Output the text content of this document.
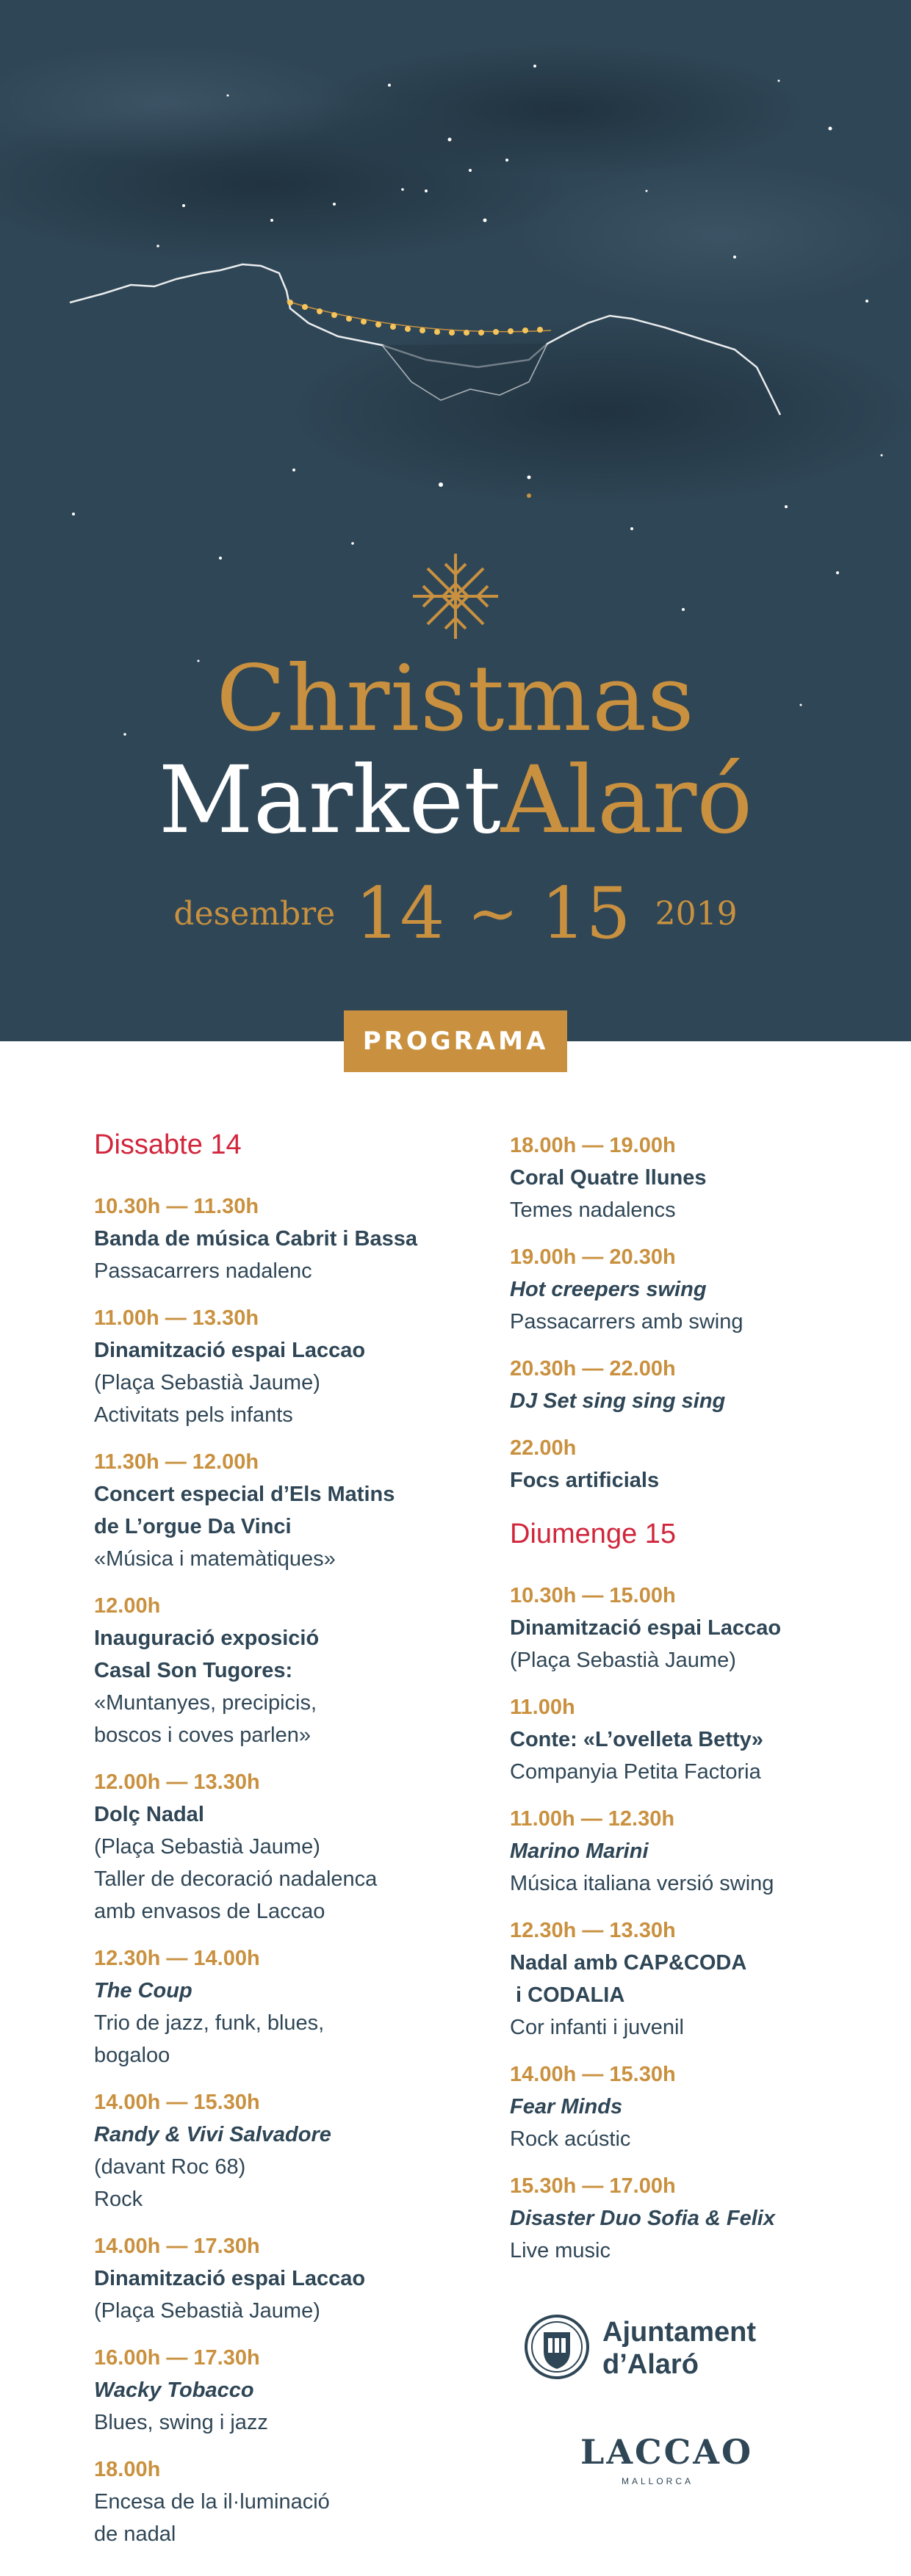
Christmas
MarketAlaró
desembre 14 ~ 15 2019
PROGRAMA
Dissabte 14
10.30h — 11.30h
Banda de música Cabrit i Bassa
Passacarrers nadalenc
11.00h — 13.30h
Dinamització espai Laccao
(Plaça Sebastià Jaume)
Activitats pels infants
11.30h — 12.00h
Concert especial d’Els Matins
de L’orgue Da Vinci
«Música i matemàtiques»
12.00h
Inauguració exposició
Casal Son Tugores:
«Muntanyes, precipicis,
boscos i coves parlen»
12.00h — 13.30h
Dolç Nadal
(Plaça Sebastià Jaume)
Taller de decoració nadalenca
amb envasos de Laccao
12.30h — 14.00h
The Coup
Trio de jazz, funk, blues,
bogaloo
14.00h — 15.30h
Randy & Vivi Salvadore
(davant Roc 68)
Rock
14.00h — 17.30h
Dinamització espai Laccao
(Plaça Sebastià Jaume)
16.00h — 17.30h
Wacky Tobacco
Blues, swing i jazz
18.00h
Encesa de la il·luminació
de nadal
18.00h — 19.00h
Coral Quatre llunes
Temes nadalencs
19.00h — 20.30h
Hot creepers swing
Passacarrers amb swing
20.30h — 22.00h
DJ Set sing sing sing
22.00h
Focs artificials
Diumenge 15
10.30h — 15.00h
Dinamització espai Laccao
(Plaça Sebastià Jaume)
11.00h
Conte: «L’ovelleta Betty»
Companyia Petita Factoria
11.00h — 12.30h
Marino Marini
Música italiana versió swing
12.30h — 13.30h
Nadal amb CAP&CODA
i CODALIA
Cor infanti i juvenil
14.00h — 15.30h
Fear Minds
Rock acústic
15.30h — 17.00h
Disaster Duo Sofia & Felix
Live music
Ajuntament
d’Alaró
LACCAO
MALLORCA
